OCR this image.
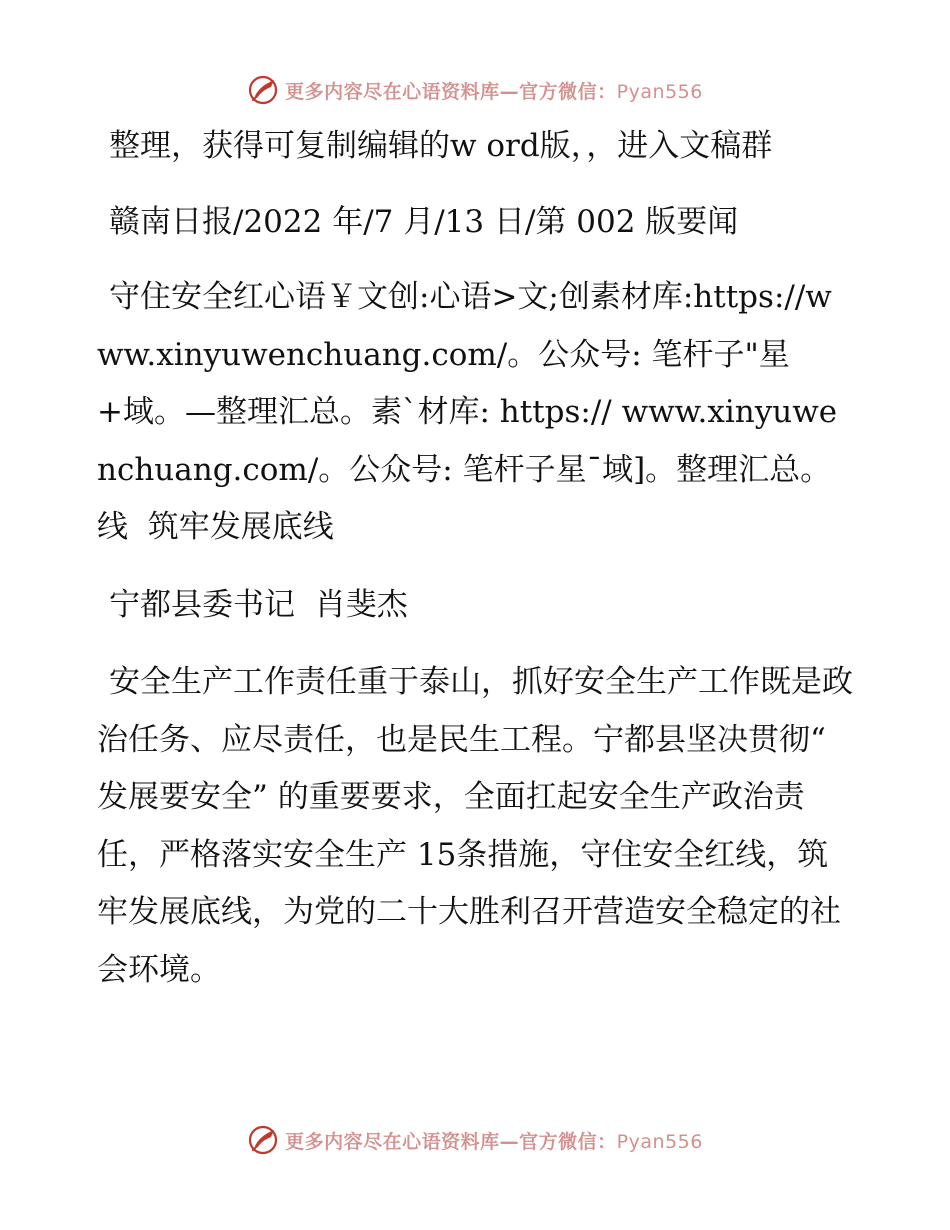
更多内容尽在心语资料库—官方微信：Pyan556

整理，获得可复制编辑的w ord版，，进入文稿群

赣南日报/2022 年/7 月/13 日/第 002 版要闻

守住安全红心语￥文创:心语>文;创素材库:https://www.xinyuwenchuang.com/。公众号: 笔杆子"星+域。—整理汇总。素`材库: https:// www.xinyuwenchuang.com/。公众号: 笔杆子星¯域]。整理汇总。线  筑牢发展底线

宁都县委书记  肖斐杰

安全生产工作责任重于泰山，抓好安全生产工作既是政治任务、应尽责任，也是民生工程。宁都县坚决贯彻“ 发展要安全” 的重要要求，全面扛起安全生产政治责任，严格落实安全生产 15条措施，守住安全红线，筑牢发展底线，为党的二十大胜利召开营造安全稳定的社会环境。

更多内容尽在心语资料库—官方微信：Pyan556
